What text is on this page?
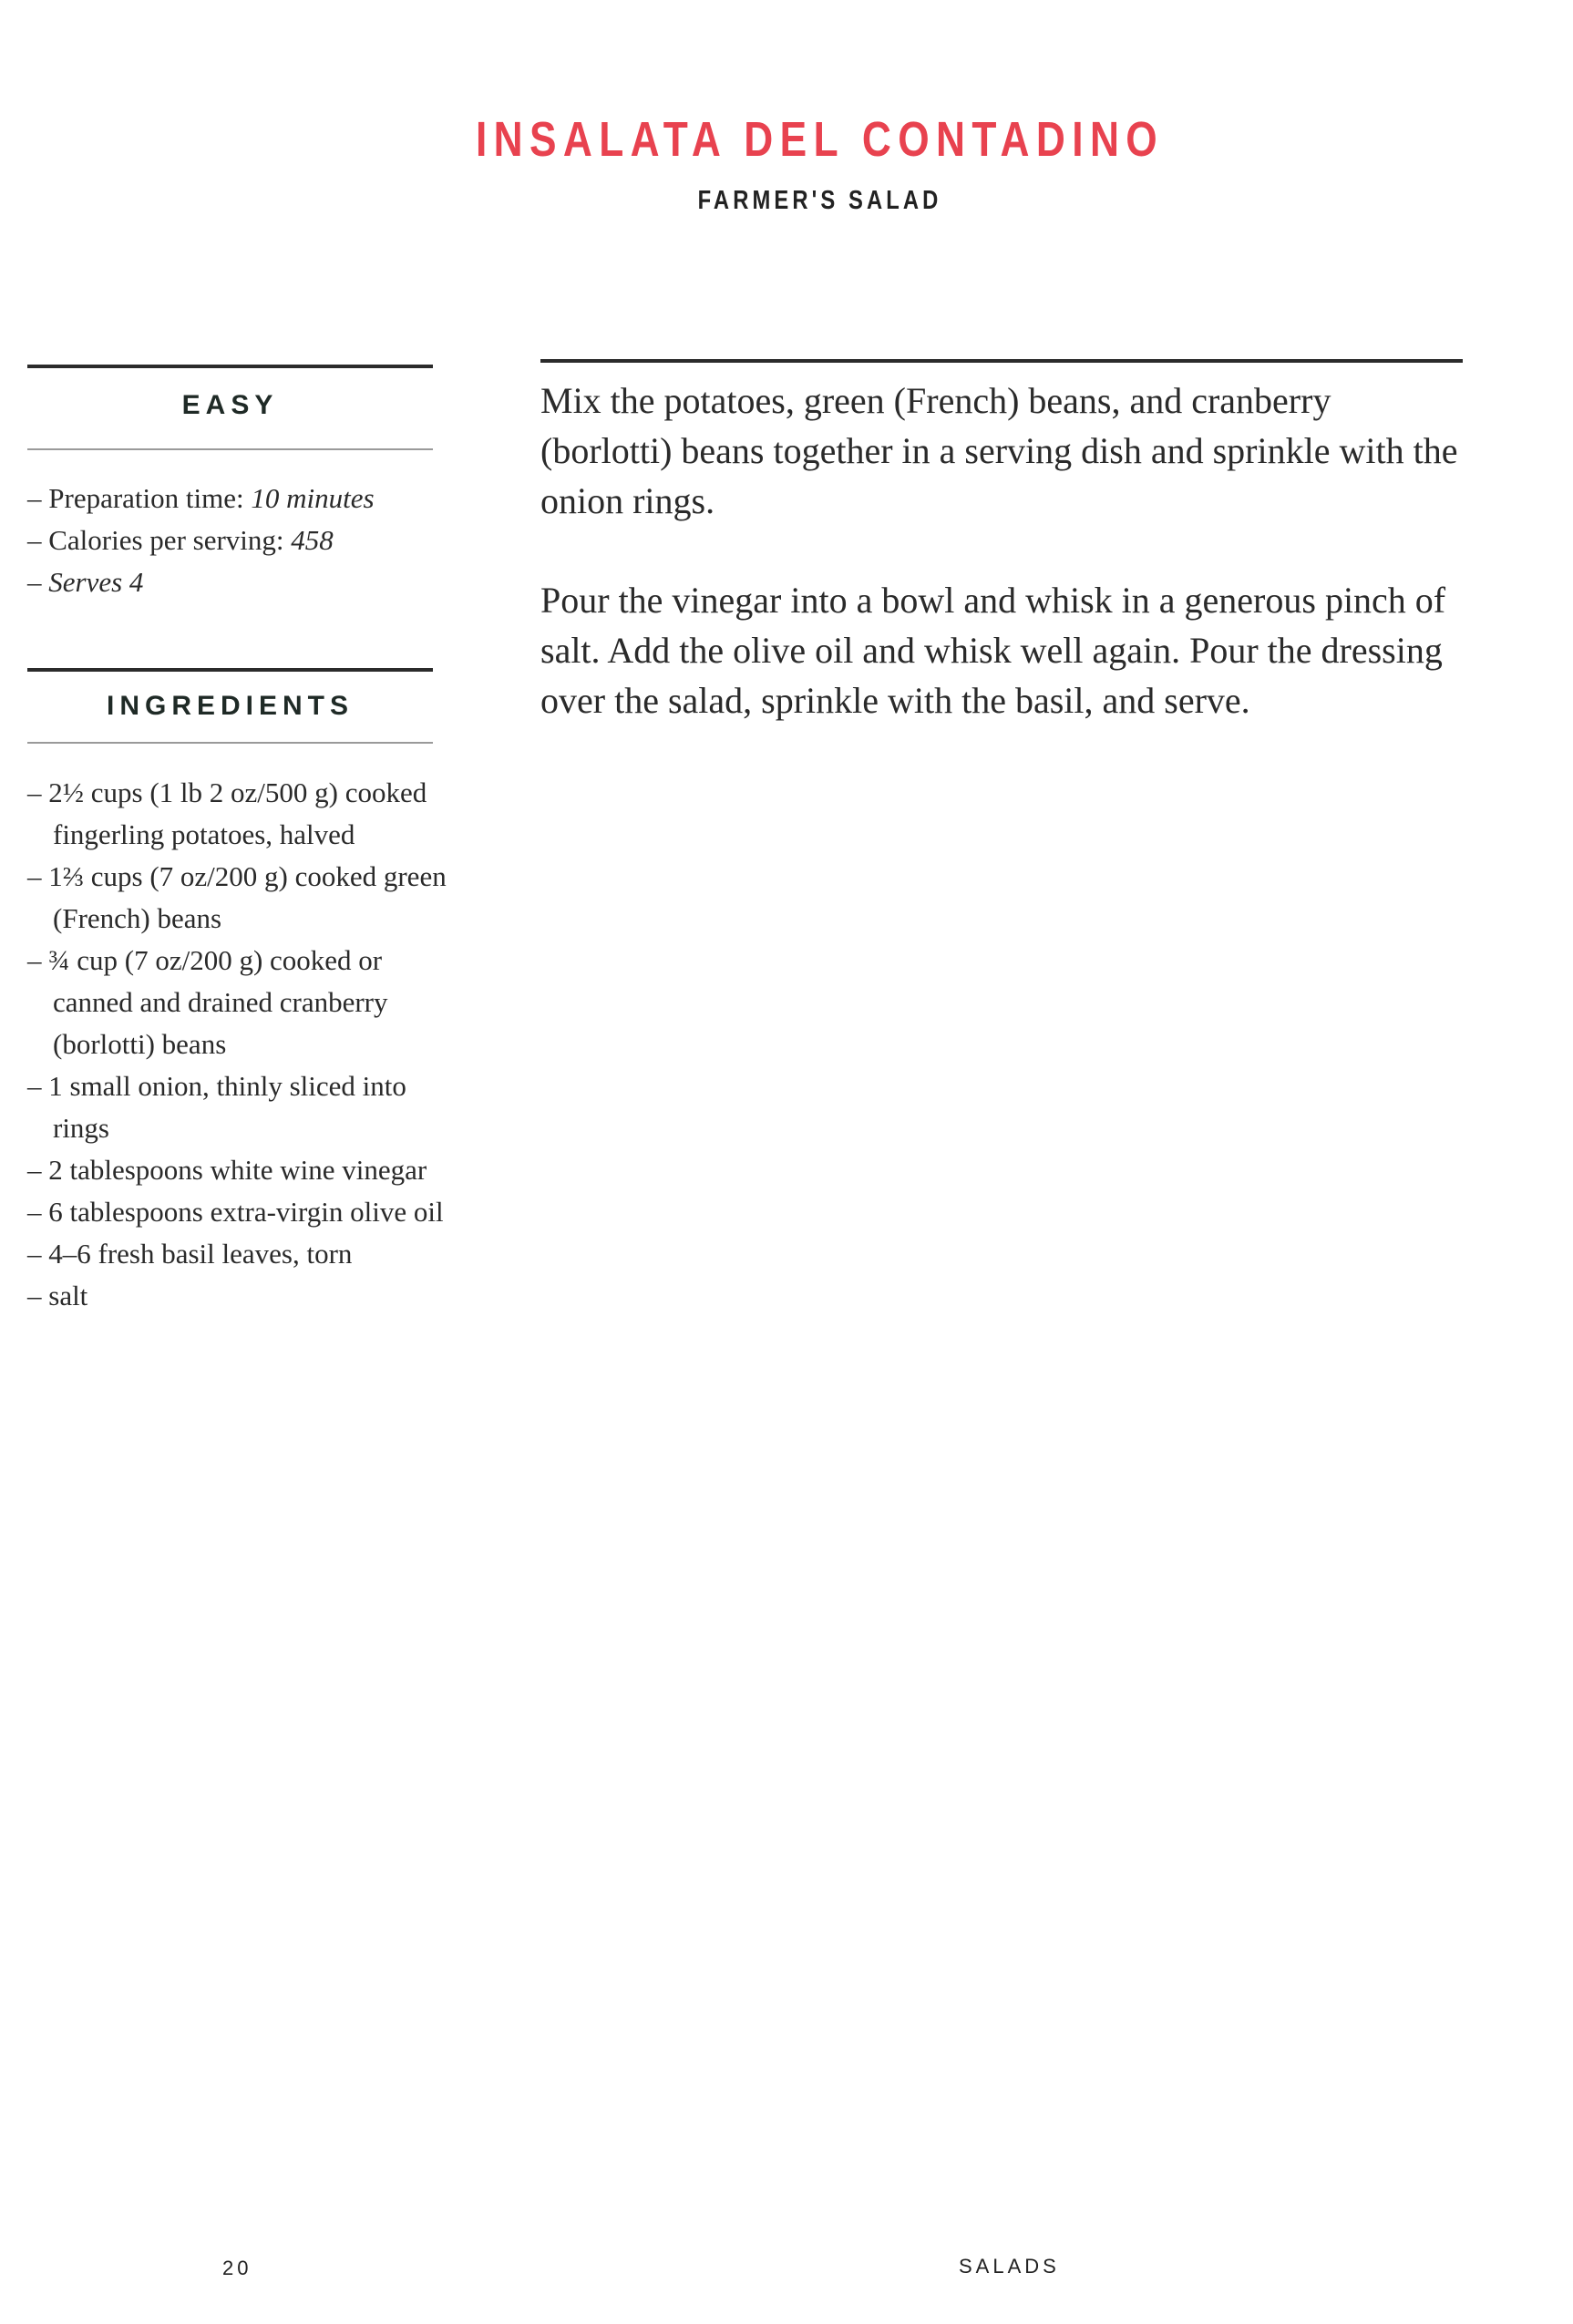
INSALATA DEL CONTADINO
FARMER'S SALAD
EASY
– Preparation time: 10 minutes
– Calories per serving: 458
– Serves 4
INGREDIENTS
– 2½ cups (1 lb 2 oz/500 g) cooked fingerling potatoes, halved
– 1⅔ cups (7 oz/200 g) cooked green (French) beans
– ¾ cup (7 oz/200 g) cooked or canned and drained cranberry (borlotti) beans
– 1 small onion, thinly sliced into rings
– 2 tablespoons white wine vinegar
– 6 tablespoons extra-virgin olive oil
– 4–6 fresh basil leaves, torn
– salt

Mix the potatoes, green (French) beans, and cranberry (borlotti) beans together in a serving dish and sprinkle with the onion rings.

Pour the vinegar into a bowl and whisk in a generous pinch of salt. Add the olive oil and whisk well again. Pour the dressing over the salad, sprinkle with the basil, and serve.

20	SALADS
